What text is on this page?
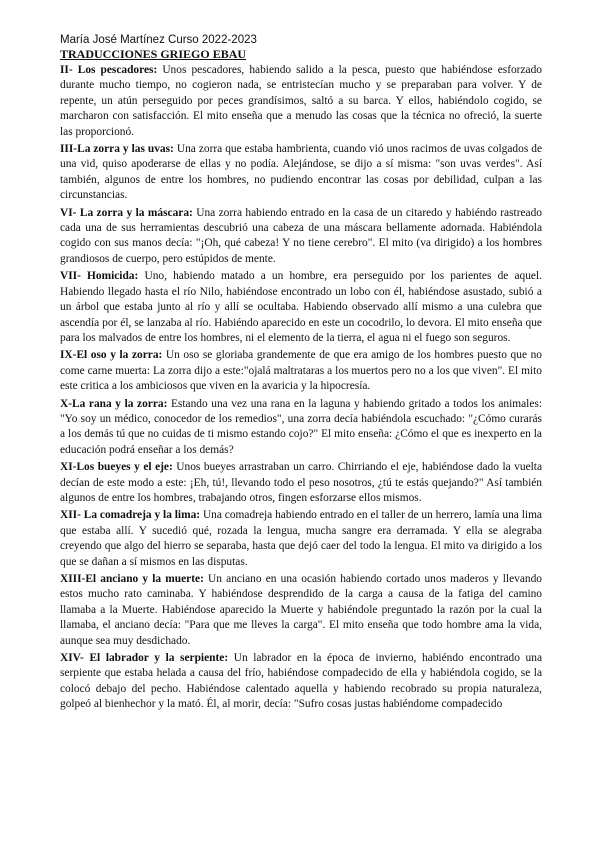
María José Martínez Curso 2022-2023

TRADUCCIONES GRIEGO EBAU

II- Los pescadores: Unos pescadores, habiendo salido a la pesca, puesto que habiéndose esforzado durante mucho tiempo, no cogieron nada, se entristecían mucho y se preparaban para volver. Y de repente, un atún perseguido por peces grandísimos, saltó a su barca. Y ellos, habiéndolo cogido, se marcharon con satisfacción. El mito enseña que a menudo las cosas que la técnica no ofreció, la suerte las proporcionó.

III-La zorra y las uvas: Una zorra que estaba hambrienta, cuando vió unos racimos de uvas colgados de una vid, quiso apoderarse de ellas y no podía. Alejándose, se dijo a sí misma: "son uvas verdes". Así también, algunos de entre los hombres, no pudiendo encontrar las cosas por debilidad, culpan a las circunstancias.

VI- La zorra y la máscara: Una zorra habiendo entrado en la casa de un citaredo y habiéndo rastreado cada una de sus herramientas descubrió una cabeza de una máscara bellamente adornada. Habiéndola cogido con sus manos decía: "¡Oh, qué cabeza! Y no tiene cerebro". El mito (va dirigido) a los hombres grandiosos de cuerpo, pero estúpidos de mente.

VII- Homicida: Uno, habiendo matado a un hombre, era perseguido por los parientes de aquel. Habiendo llegado hasta el río Nilo, habiéndose encontrado un lobo con él, habiéndose asustado, subió a un árbol que estaba junto al río y allí se ocultaba. Habiendo observado allí mismo a una culebra que ascendía por él, se lanzaba al río. Habiéndo aparecido en este un cocodrilo, lo devora. El mito enseña que para los malvados de entre los hombres, ni el elemento de la tierra, el agua ni el fuego son seguros.

IX-El oso y la zorra: Un oso se gloriaba grandemente de que era amigo de los hombres puesto que no come carne muerta: La zorra dijo a este:"ojalá maltrataras a los muertos pero no a los que viven". El mito este critica a los ambiciosos que viven en la avaricia y la hipocresía.

X-La rana y la zorra: Estando una vez una rana en la laguna y habiendo gritado a todos los animales: "Yo soy un médico, conocedor de los remedios", una zorra decía habiéndola escuchado: "¿Cómo curarás a los demás tú que no cuidas de ti mismo estando cojo?" El mito enseña: ¿Cómo el que es inexperto en la educación podrá enseñar a los demás?

XI-Los bueyes y el eje: Unos bueyes arrastraban un carro. Chirriando el eje, habiéndose dado la vuelta decían de este modo a este: ¡Eh, tú!, llevando todo el peso nosotros, ¿tú te estás quejando?" Así también algunos de entre los hombres, trabajando otros, fingen esforzarse ellos mismos.

XII- La comadreja y la lima: Una comadreja habiendo entrado en el taller de un herrero, lamía una lima que estaba allí. Y sucedió qué, rozada la lengua, mucha sangre era derramada. Y ella se alegraba creyendo que algo del hierro se separaba, hasta que dejó caer del todo la lengua. El mito va dirigido a los que se dañan a sí mismos en las disputas.

XIII-El anciano y la muerte: Un anciano en una ocasión habiendo cortado unos maderos y llevando estos mucho rato caminaba. Y habiéndose desprendido de la carga a causa de la fatiga del camino llamaba a la Muerte. Habiéndose aparecido la Muerte y habiéndole preguntado la razón por la cual la llamaba, el anciano decía: "Para que me lleves la carga". El mito enseña que todo hombre ama la vida, aunque sea muy desdichado.

XIV- El labrador y la serpiente: Un labrador en la época de invierno, habiéndo encontrado una serpiente que estaba helada a causa del frío, habiéndose compadecido de ella y habiéndola cogido, se la colocó debajo del pecho. Habiéndose calentado aquella y habiendo recobrado su propia naturaleza, golpeó al bienhechor y la mató. Él, al morir, decía: "Sufro cosas justas habiéndome compadecido
